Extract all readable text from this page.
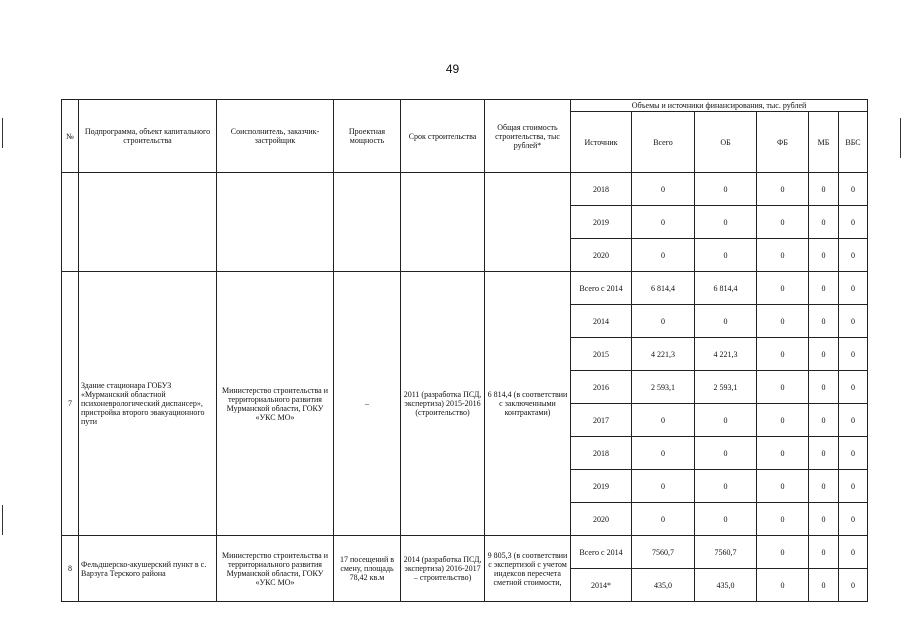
49
№	Подпрограмма, объект капитального строительства	Соисполнитель, заказчик-застройщик	Проектная мощность	Срок строительства	Общая стоимость строительства, тыс рублей*	Объемы и источники финансирования, тыс. рублей					
						Источник	Всего	ОБ	ФБ	МБ	ВБС
						2018	0	0	0	0	0
						2019	0	0	0	0	0
						2020	0	0	0	0	0
7	Здание стационара ГОБУЗ «Мурманский областной психоневрологический диспансер», пристройка второго эвакуационного пути	Министерство строительства и территориального развития Мурманской области, ГОКУ «УКС МО»	–	2011 (разработка ПСД, экспертиза) 2015-2016 (строительство)	6 814,4 (в соответствии с заключенными контрактами)	Всего с 2014	6 814,4	6 814,4	0	0	0
						2014	0	0	0	0	0
						2015	4 221,3	4 221,3	0	0	0
						2016	2 593,1	2 593,1	0	0	0
						2017	0	0	0	0	0
						2018	0	0	0	0	0
						2019	0	0	0	0	0
						2020	0	0	0	0	0
8	Фельдшерско-акушерский пункт в с. Варзуга Терского района	Министерство строительства и территориального развития Мурманской области, ГОКУ «УКС МО»	17 посещений в смену, площадь 78,42 кв.м	2014 (разработка ПСД, экспертиза) 2016-2017 – строительство)	9 805,3 (в соответствии с экспертизой с учетом индексов пересчета сметной стоимости,	Всего с 2014	7560,7	7560,7	0	0	0
						2014*	435,0	435,0	0	0	0
